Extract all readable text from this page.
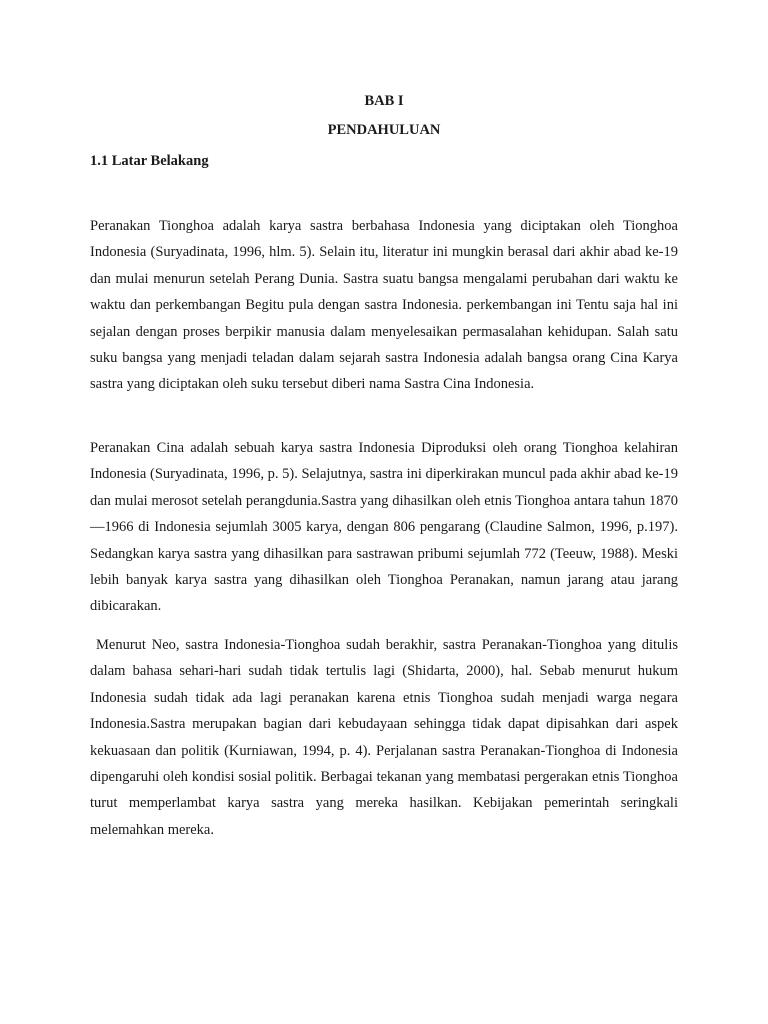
BAB I
PENDAHULUAN
1.1 Latar Belakang

Peranakan Tionghoa adalah karya sastra berbahasa Indonesia yang diciptakan oleh Tionghoa Indonesia (Suryadinata, 1996, hlm. 5). Selain itu, literatur ini mungkin berasal dari akhir abad ke-19 dan mulai menurun setelah Perang Dunia. Sastra suatu bangsa mengalami perubahan dari waktu ke waktu dan perkembangan Begitu pula dengan sastra Indonesia. perkembangan ini Tentu saja hal ini sejalan dengan proses berpikir manusia dalam menyelesaikan permasalahan kehidupan. Salah satu suku bangsa yang menjadi teladan dalam sejarah sastra Indonesia adalah bangsa orang Cina Karya sastra yang diciptakan oleh suku tersebut diberi nama Sastra Cina Indonesia.

Peranakan Cina adalah sebuah karya sastra Indonesia Diproduksi oleh orang Tionghoa kelahiran Indonesia (Suryadinata, 1996, p. 5). Selajutnya, sastra ini diperkirakan muncul pada akhir abad ke-19 dan mulai merosot setelah perangdunia.Sastra yang dihasilkan oleh etnis Tionghoa antara tahun 1870—1966 di Indonesia sejumlah 3005 karya, dengan 806 pengarang (Claudine Salmon, 1996, p.197). Sedangkan karya sastra yang dihasilkan para sastrawan pribumi sejumlah 772 (Teeuw, 1988). Meski lebih banyak karya sastra yang dihasilkan oleh Tionghoa Peranakan, namun jarang atau jarang dibicarakan.

Menurut Neo, sastra Indonesia-Tionghoa sudah berakhir, sastra Peranakan-Tionghoa yang ditulis dalam bahasa sehari-hari sudah tidak tertulis lagi (Shidarta, 2000), hal. Sebab menurut hukum Indonesia sudah tidak ada lagi peranakan karena etnis Tionghoa sudah menjadi warga negara Indonesia.Sastra merupakan bagian dari kebudayaan sehingga tidak dapat dipisahkan dari aspek kekuasaan dan politik (Kurniawan, 1994, p. 4). Perjalanan sastra Peranakan-Tionghoa di Indonesia dipengaruhi oleh kondisi sosial politik. Berbagai tekanan yang membatasi pergerakan etnis Tionghoa turut memperlambat karya sastra yang mereka hasilkan. Kebijakan pemerintah seringkali melemahkan mereka.
